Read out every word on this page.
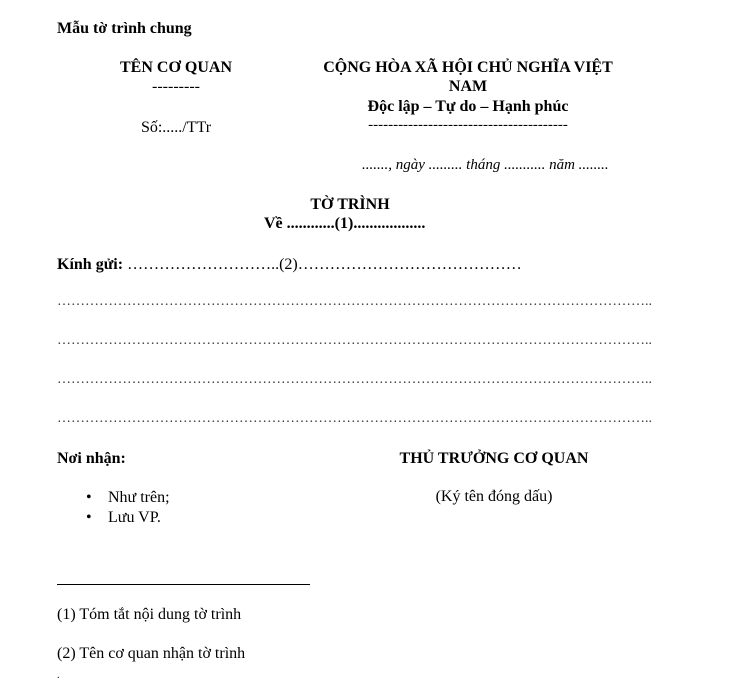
Mẫu tờ trình chung
TÊN CƠ QUAN
---------
Số:...../TTr
CỘNG HÒA XÃ HỘI CHỦ NGHĨA VIỆT
NAM
Độc lập – Tự do – Hạnh phúc
----------------------------------------
......., ngày ......... tháng ........... năm ........
TỜ TRÌNH
Về ............(1)..................
Kính gửi: ………………………..(2)……………………………………
………………………………………………………………………………………………………………..
………………………………………………………………………………………………………………..
………………………………………………………………………………………………………………..
………………………………………………………………………………………………………………..
Nơi nhận:
• Như trên;
• Lưu VP.
THỦ TRƯỞNG CƠ QUAN
(Ký tên đóng dấu)
(1) Tóm tắt nội dung tờ trình
(2) Tên cơ quan nhận tờ trình
.
